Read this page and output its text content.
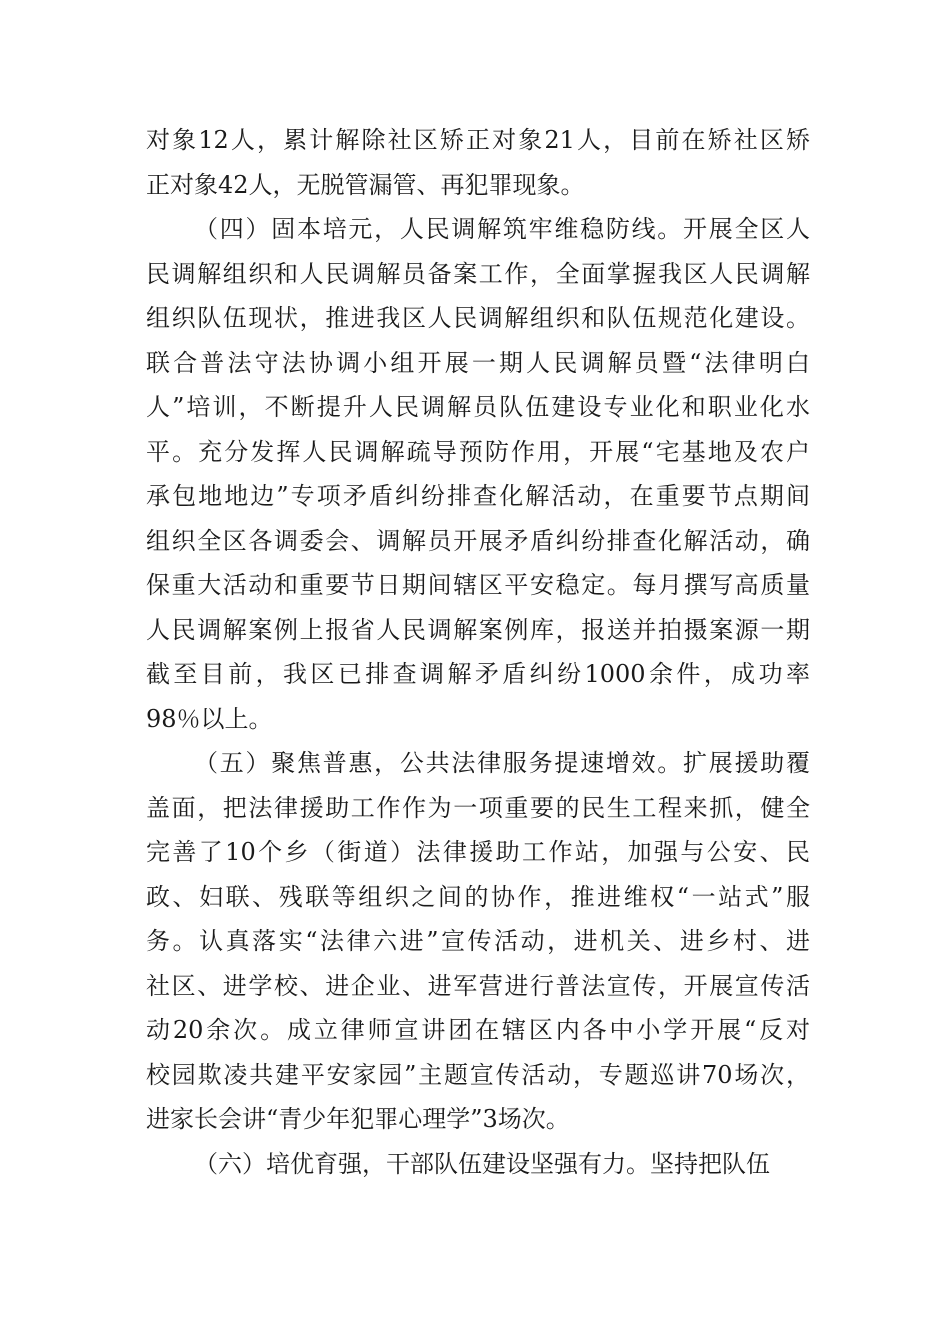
对象12人，累计解除社区矫正对象21人，目前在矫社区矫
正对象42人，无脱管漏管、再犯罪现象。
（四）固本培元，人民调解筑牢维稳防线。开展全区人
民调解组织和人民调解员备案工作，全面掌握我区人民调解
组织队伍现状，推进我区人民调解组织和队伍规范化建设。
联合普法守法协调小组开展一期人民调解员暨“法律明白
人”培训，不断提升人民调解员队伍建设专业化和职业化水
平。充分发挥人民调解疏导预防作用，开展“宅基地及农户
承包地地边”专项矛盾纠纷排查化解活动，在重要节点期间
组织全区各调委会、调解员开展矛盾纠纷排查化解活动，确
保重大活动和重要节日期间辖区平安稳定。每月撰写高质量
人民调解案例上报省人民调解案例库，报送并拍摄案源一期
截至目前，我区已排查调解矛盾纠纷1000余件，成功率
98％以上。
（五）聚焦普惠，公共法律服务提速增效。扩展援助覆
盖面，把法律援助工作作为一项重要的民生工程来抓，健全
完善了10个乡（街道）法律援助工作站，加强与公安、民
政、妇联、残联等组织之间的协作，推进维权“一站式”服
务。认真落实“法律六进”宣传活动，进机关、进乡村、进
社区、进学校、进企业、进军营进行普法宣传，开展宣传活
动20余次。成立律师宣讲团在辖区内各中小学开展“反对
校园欺凌共建平安家园”主题宣传活动，专题巡讲70场次，
进家长会讲“青少年犯罪心理学”3场次。
（六）培优育强，干部队伍建设坚强有力。坚持把队伍
